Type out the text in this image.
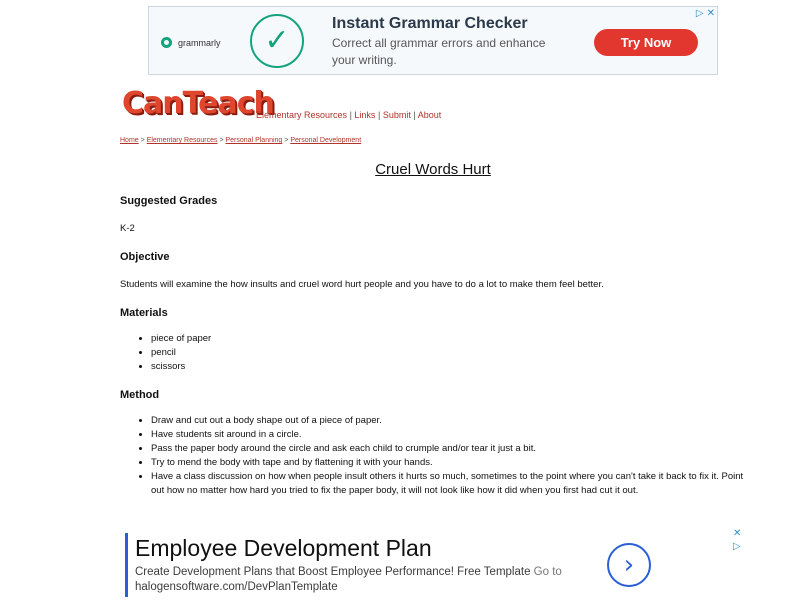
grammarly	✓
Instant Grammar Checker
Correct all grammar errors and enhance your writing.
Try Now
▷ ✕
CanTeach
Elementary Resources | Links | Submit | About
Home > Elementary Resources > Personal Planning > Personal Development
Cruel Words Hurt
Suggested Grades

K-2

Objective

Students will examine the how insults and cruel word hurt people and you have to do a lot to make them feel better.

Materials
• piece of paper
• pencil
• scissors
Method
• Draw and cut out a body shape out of a piece of paper.
• Have students sit around in a circle.
• Pass the paper body around the circle and ask each child to crumple and/or tear it just a bit.
• Try to mend the body with tape and by flattening it with your hands.
• Have a class discussion on how when people insult others it hurts so much, sometimes to the point where you can't take it back to fix it. Point out how no matter how hard you tried to fix the paper body, it will not look like how it did when you first had cut it out.
Employee Development Plan
Create Development Plans that Boost Employee Performance! Free Template Go to
halogensoftware.com/DevPlanTemplate
›
✕
▷
